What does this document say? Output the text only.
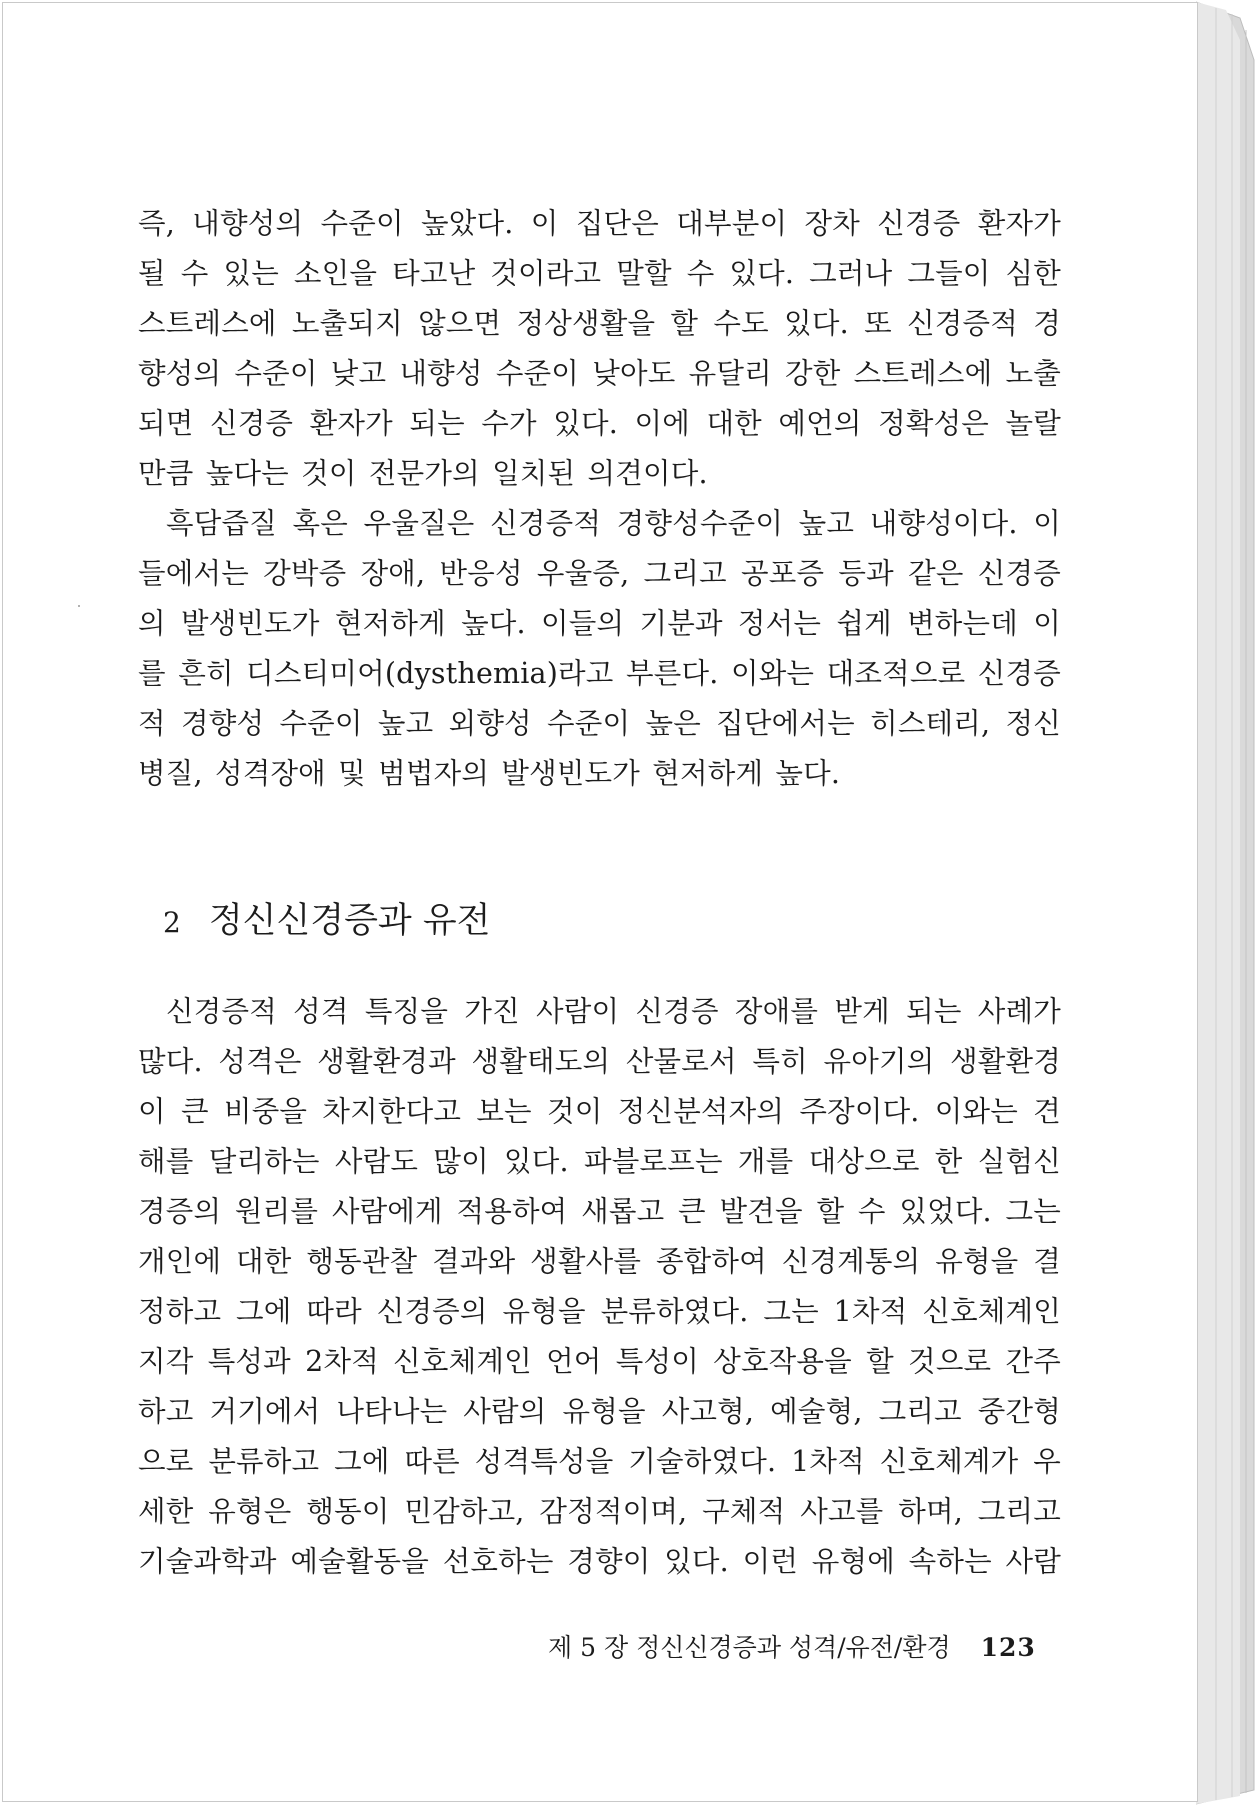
즉, 내향성의 수준이 높았다. 이 집단은 대부분이 장차 신경증 환자가
될 수 있는 소인을 타고난 것이라고 말할 수 있다. 그러나 그들이 심한
스트레스에 노출되지 않으면 정상생활을 할 수도 있다. 또 신경증적 경
향성의 수준이 낮고 내향성 수준이 낮아도 유달리 강한 스트레스에 노출
되면 신경증 환자가 되는 수가 있다. 이에 대한 예언의 정확성은 놀랄
만큼 높다는 것이 전문가의 일치된 의견이다.

흑담즙질 혹은 우울질은 신경증적 경향성수준이 높고 내향성이다. 이
들에서는 강박증 장애, 반응성 우울증, 그리고 공포증 등과 같은 신경증
의 발생빈도가 현저하게 높다. 이들의 기분과 정서는 쉽게 변하는데 이
를 흔히 디스티미어(dysthemia)라고 부른다. 이와는 대조적으로 신경증
적 경향성 수준이 높고 외향성 수준이 높은 집단에서는 히스테리, 정신
병질, 성격장애 및 범법자의 발생빈도가 현저하게 높다.

2 정신신경증과 유전

신경증적 성격 특징을 가진 사람이 신경증 장애를 받게 되는 사례가
많다. 성격은 생활환경과 생활태도의 산물로서 특히 유아기의 생활환경
이 큰 비중을 차지한다고 보는 것이 정신분석자의 주장이다. 이와는 견
해를 달리하는 사람도 많이 있다. 파블로프는 개를 대상으로 한 실험신
경증의 원리를 사람에게 적용하여 새롭고 큰 발견을 할 수 있었다. 그는
개인에 대한 행동관찰 결과와 생활사를 종합하여 신경계통의 유형을 결
정하고 그에 따라 신경증의 유형을 분류하였다. 그는 1차적 신호체계인
지각 특성과 2차적 신호체계인 언어 특성이 상호작용을 할 것으로 간주
하고 거기에서 나타나는 사람의 유형을 사고형, 예술형, 그리고 중간형
으로 분류하고 그에 따른 성격특성을 기술하였다. 1차적 신호체계가 우
세한 유형은 행동이 민감하고, 감정적이며, 구체적 사고를 하며, 그리고
기술과학과 예술활동을 선호하는 경향이 있다. 이런 유형에 속하는 사람

제 5 장 정신신경증과 성격/유전/환경 123
